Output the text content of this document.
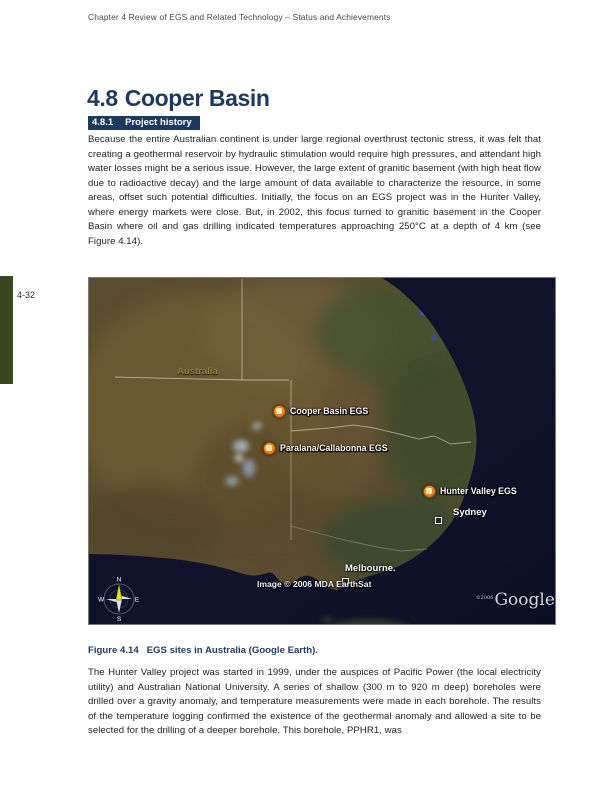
Chapter 4 Review of EGS and Related Technology – Status and Achievements
4-32
4.8 Cooper Basin
4.8.1 Project history
Because the entire Australian continent is under large regional overthrust tectonic stress, it was felt that creating a geothermal reservoir by hydraulic stimulation would require high pressures, and attendant high water losses might be a serious issue. However, the large extent of granitic basement (with high heat flow due to radioactive decay) and the large amount of data available to characterize the resource, in some areas, offset such potential difficulties. Initially, the focus on an EGS project was in the Hunter Valley, where energy markets were close. But, in 2002, this focus turned to granitic basement in the Cooper Basin where oil and gas drilling indicated temperatures approaching 250°C at a depth of 4 km (see Figure 4.14).
Australia
Cooper Basin EGS
Paralana/Callabonna EGS
Hunter Valley EGS
Sydney
Melbourne.
Image © 2006 MDA EarthSat
©2006 Google
N
E
S
W
Figure 4.14 EGS sites in Australia (Google Earth).
The Hunter Valley project was started in 1999, under the auspices of Pacific Power (the local electricity utility) and Australian National University. A series of shallow (300 m to 920 m deep) boreholes were drilled over a gravity anomaly, and temperature measurements were made in each borehole. The results of the temperature logging confirmed the existence of the geothermal anomaly and allowed a site to be selected for the drilling of a deeper borehole. This borehole, PPHR1, was
